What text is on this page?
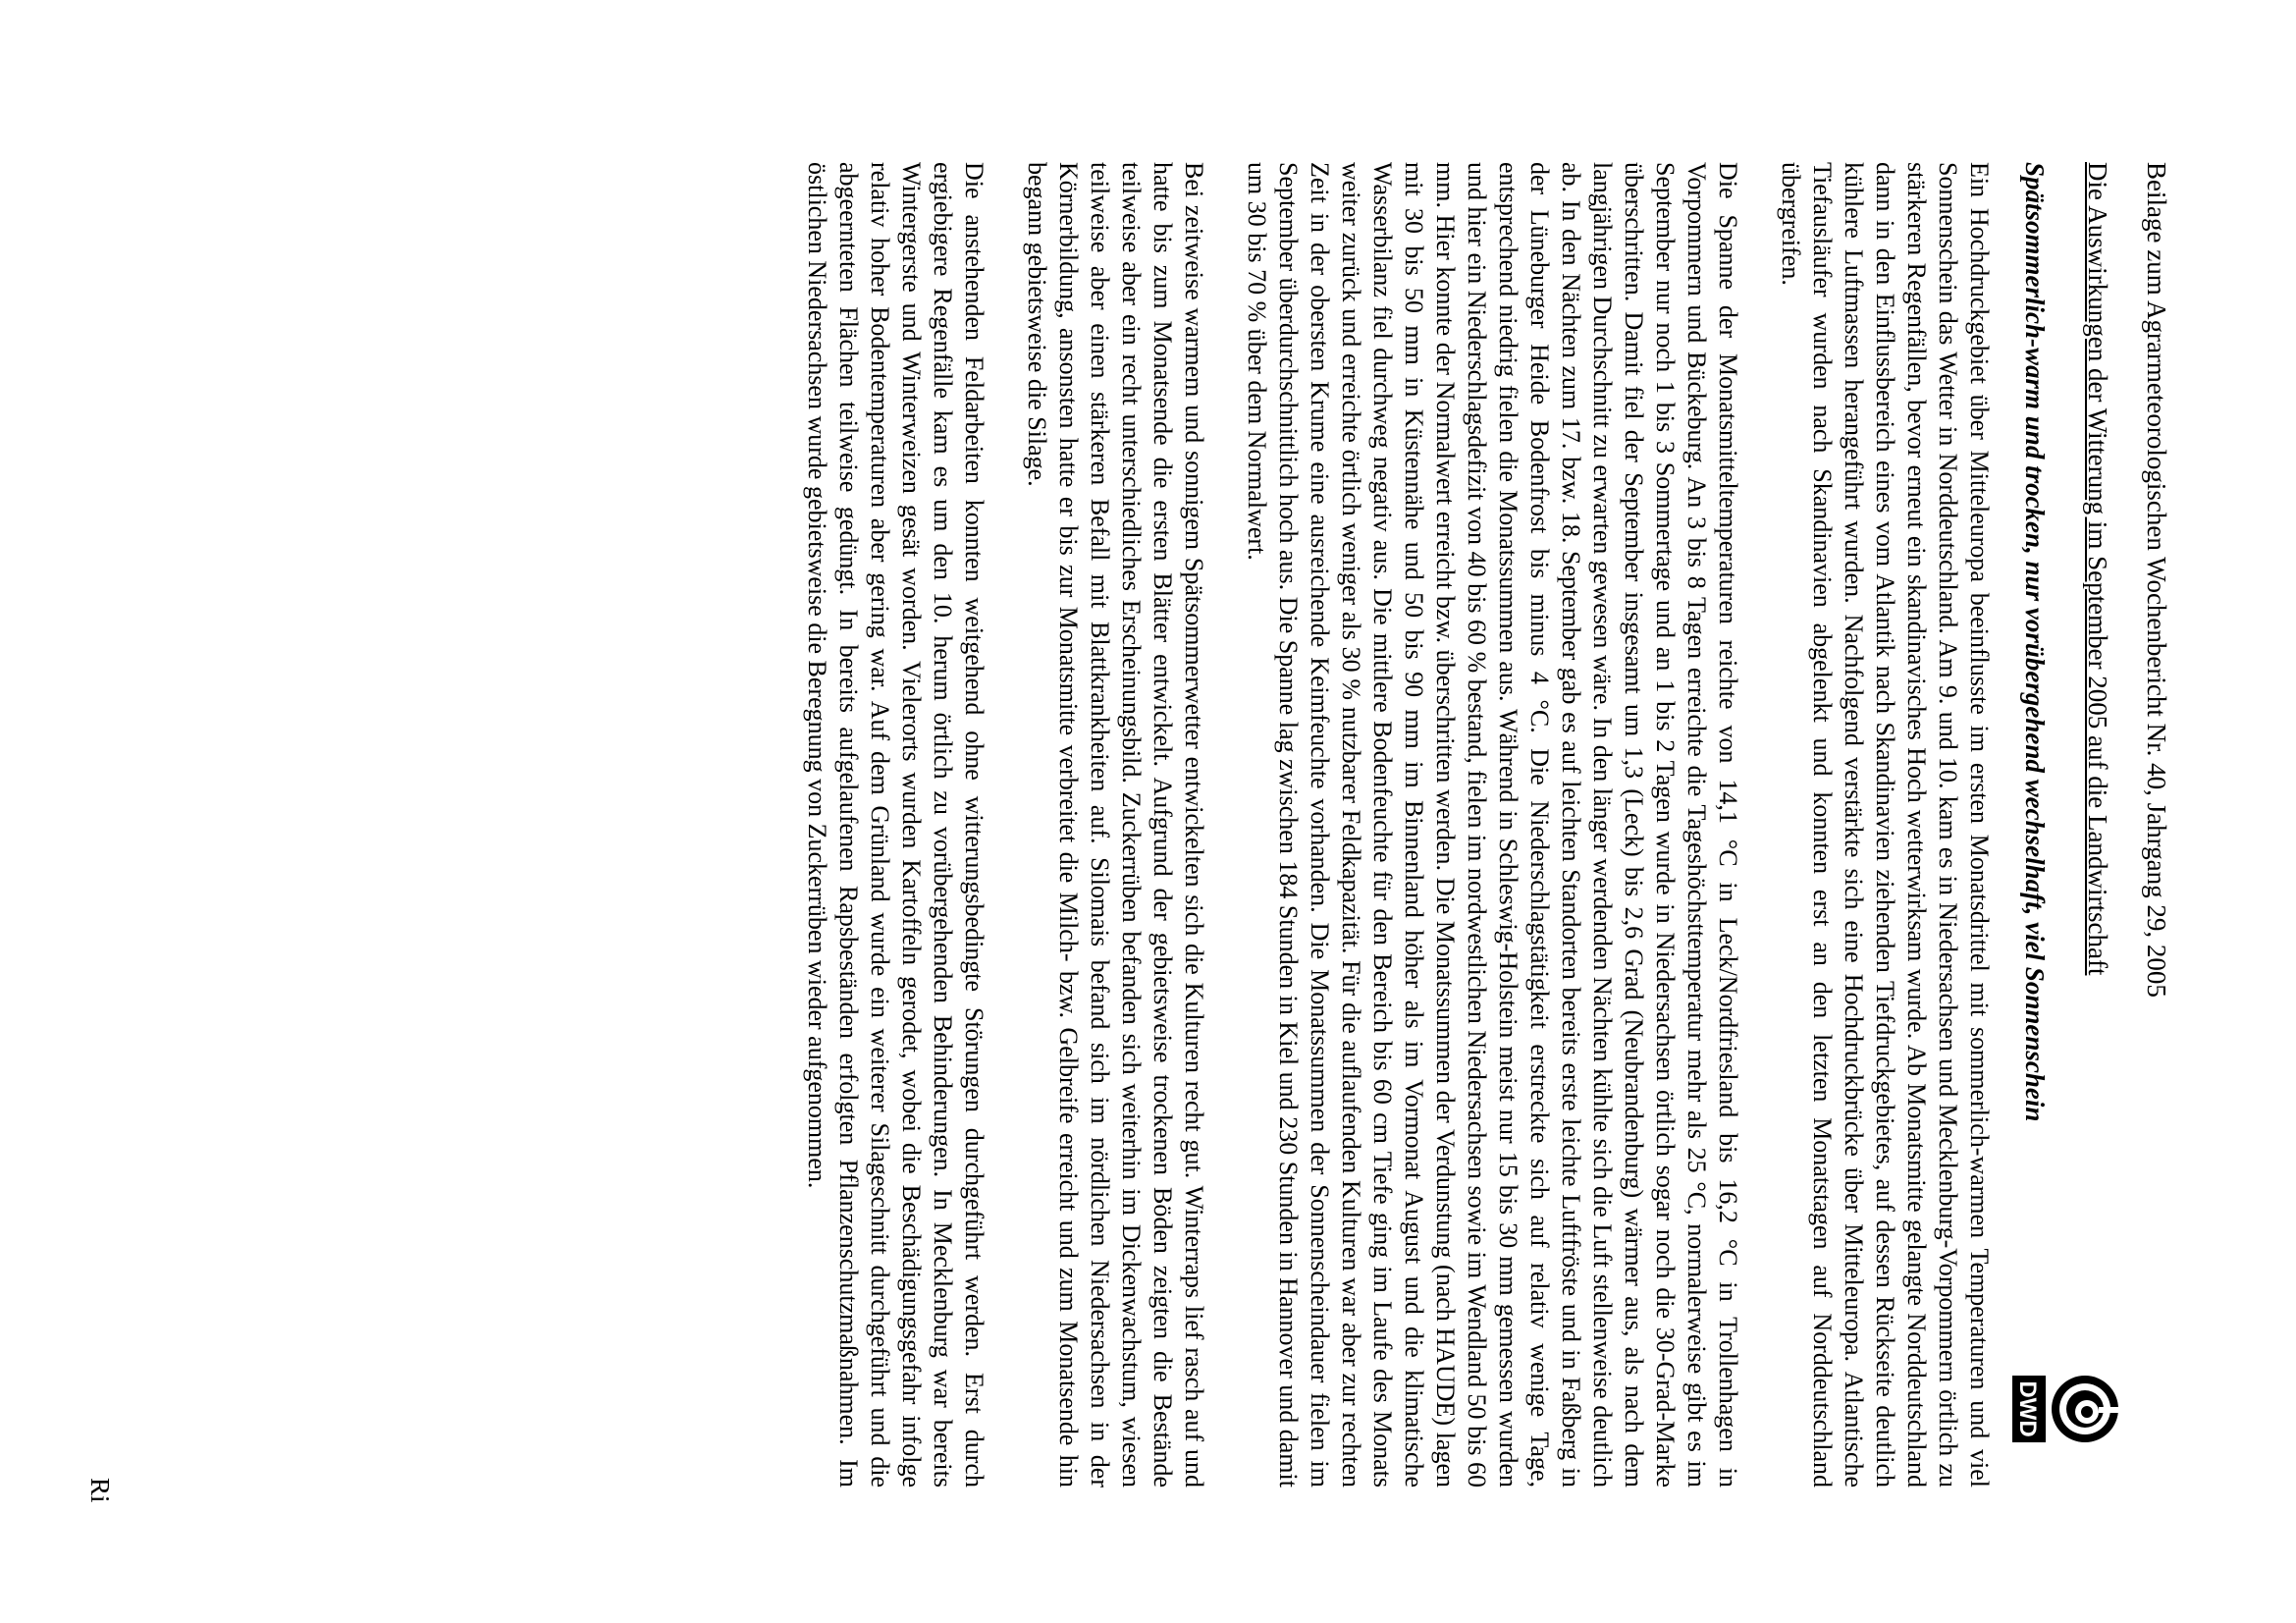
DWD
Beilage zum Agrarmeteorologischen Wochenbericht Nr. 40, Jahrgang 29, 2005
Die Auswirkungen der Witterung im September 2005 auf die Landwirtschaft
Spätsommerlich-warm und trocken, nur vorübergehend wechselhaft, viel Sonnenschein

Ein Hochdruckgebiet über Mitteleuropa beeinflusste im ersten Monatsdrittel mit sommerlich-warmen Temperaturen und viel Sonnenschein das Wetter in Norddeutschland. Am 9. und 10. kam es in Niedersachsen und Mecklenburg-Vorpommern örtlich zu stärkeren Regenfällen, bevor erneut ein skandinavisches Hoch wetterwirksam wurde. Ab Monatsmitte gelangte Norddeutschland dann in den Einflussbereich eines vom Atlantik nach Skandinavien ziehenden Tiefdruckgebietes, auf dessen Rückseite deutlich kühlere Luftmassen herangeführt wurden. Nachfolgend verstärkte sich eine Hochdruckbrücke über Mitteleuropa. Atlantische Tiefausläufer wurden nach Skandinavien abgelenkt und konnten erst an den letzten Monatstagen auf Norddeutschland übergreifen.

Die Spanne der Monatsmitteltemperaturen reichte von 14,1 °C in Leck/Nordfriesland bis 16,2 °C in Trollenhagen in Vorpommern und Bückeburg. An 3 bis 8 Tagen erreichte die Tageshöchsttemperatur mehr als 25 °C, normalerweise gibt es im September nur noch 1 bis 3 Sommertage und an 1 bis 2 Tagen wurde in Niedersachsen örtlich sogar noch die 30-Grad-Marke überschritten. Damit fiel der September insgesamt um 1,3 (Leck) bis 2,6 Grad (Neubrandenburg) wärmer aus, als nach dem langjährigen Durchschnitt zu erwarten gewesen wäre. In den länger werdenden Nächten kühlte sich die Luft stellenweise deutlich ab. In den Nächten zum 17. bzw. 18. September gab es auf leichten Standorten bereits erste leichte Luftfröste und in Faßberg in der Lüneburger Heide Bodenfrost bis minus 4 °C. Die Niederschlagstätigkeit erstreckte sich auf relativ wenige Tage, entsprechend niedrig fielen die Monatssummen aus. Während in Schleswig-Holstein meist nur 15 bis 30 mm gemessen wurden und hier ein Niederschlagsdefizit von 40 bis 60 % bestand, fielen im nordwestlichen Niedersachsen sowie im Wendland 50 bis 60 mm. Hier konnte der Normalwert erreicht bzw. überschritten werden. Die Monatssummen der Verdunstung (nach HAUDE) lagen mit 30 bis 50 mm in Küstennähe und 50 bis 90 mm im Binnenland höher als im Vormonat August und die klimatische Wasserbilanz fiel durchweg negativ aus. Die mittlere Bodenfeuchte für den Bereich bis 60 cm Tiefe ging im Laufe des Monats weiter zurück und erreichte örtlich weniger als 30 % nutzbarer Feldkapazität. Für die auflaufenden Kulturen war aber zur rechten Zeit in der obersten Krume eine ausreichende Keimfeuchte vorhanden. Die Monatssummen der Sonnenscheindauer fielen im September überdurchschnittlich hoch aus. Die Spanne lag zwischen 184 Stunden in Kiel und 230 Stunden in Hannover und damit um 30 bis 70 % über dem Normalwert.

Bei zeitweise warmem und sonnigem Spätsommerwetter entwickelten sich die Kulturen recht gut. Winterraps lief rasch auf und hatte bis zum Monatsende die ersten Blätter entwickelt. Aufgrund der gebietsweise trockenen Böden zeigten die Bestände teilweise aber ein recht unterschiedliches Erscheinungsbild. Zuckerrüben befanden sich weiterhin im Dickenwachstum, wiesen teilweise aber einen stärkeren Befall mit Blattkrankheiten auf. Silomais befand sich im nördlichen Niedersachsen in der Körnerbildung, ansonsten hatte er bis zur Monatsmitte verbreitet die Milch- bzw. Gelbreife erreicht und zum Monatsende hin begann gebietsweise die Silage.

Die anstehenden Feldarbeiten konnten weitgehend ohne witterungsbedingte Störungen durchgeführt werden. Erst durch ergiebigere Regenfälle kam es um den 10. herum örtlich zu vorübergehenden Behinderungen. In Mecklenburg war bereits Wintergerste und Winterweizen gesät worden. Vielerorts wurden Kartoffeln gerodet, wobei die Beschädigungsgefahr infolge relativ hoher Bodentemperaturen aber gering war. Auf dem Grünland wurde ein weiterer Silageschnitt durchgeführt und die abgeernteten Flächen teilweise gedüngt. In bereits aufgelaufenen Rapsbeständen erfolgten Pflanzenschutzmaßnahmen. Im östlichen Niedersachsen wurde gebietsweise die Beregnung von Zuckerrüben wieder aufgenommen.

Ri
